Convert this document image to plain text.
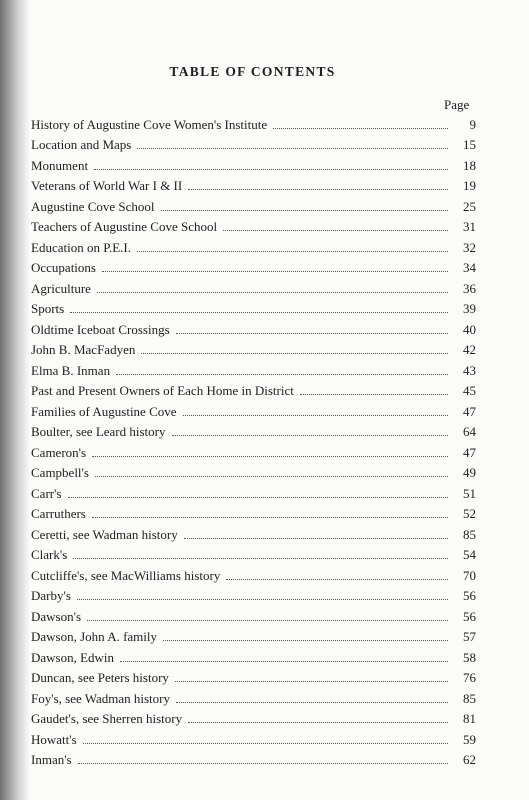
TABLE OF CONTENTS
Page
History of Augustine Cove Women's Institute	9
Location and Maps	15
Monument	18
Veterans of World War I & II	19
Augustine Cove School	25
Teachers of Augustine Cove School	31
Education on P.E.I.	32
Occupations	34
Agriculture	36
Sports	39
Oldtime Iceboat Crossings	40
John B. MacFadyen	42
Elma B. Inman	43
Past and Present Owners of Each Home in District	45
Families of Augustine Cove	47
Boulter, see Leard history	64
Cameron's	47
Campbell's	49
Carr's	51
Carruthers	52
Ceretti, see Wadman history	85
Clark's	54
Cutcliffe's, see MacWilliams history	70
Darby's	56
Dawson's	56
Dawson, John A. family	57
Dawson, Edwin	58
Duncan, see Peters history	76
Foy's, see Wadman history	85
Gaudet's, see Sherren history	81
Howatt's	59
Inman's	62
